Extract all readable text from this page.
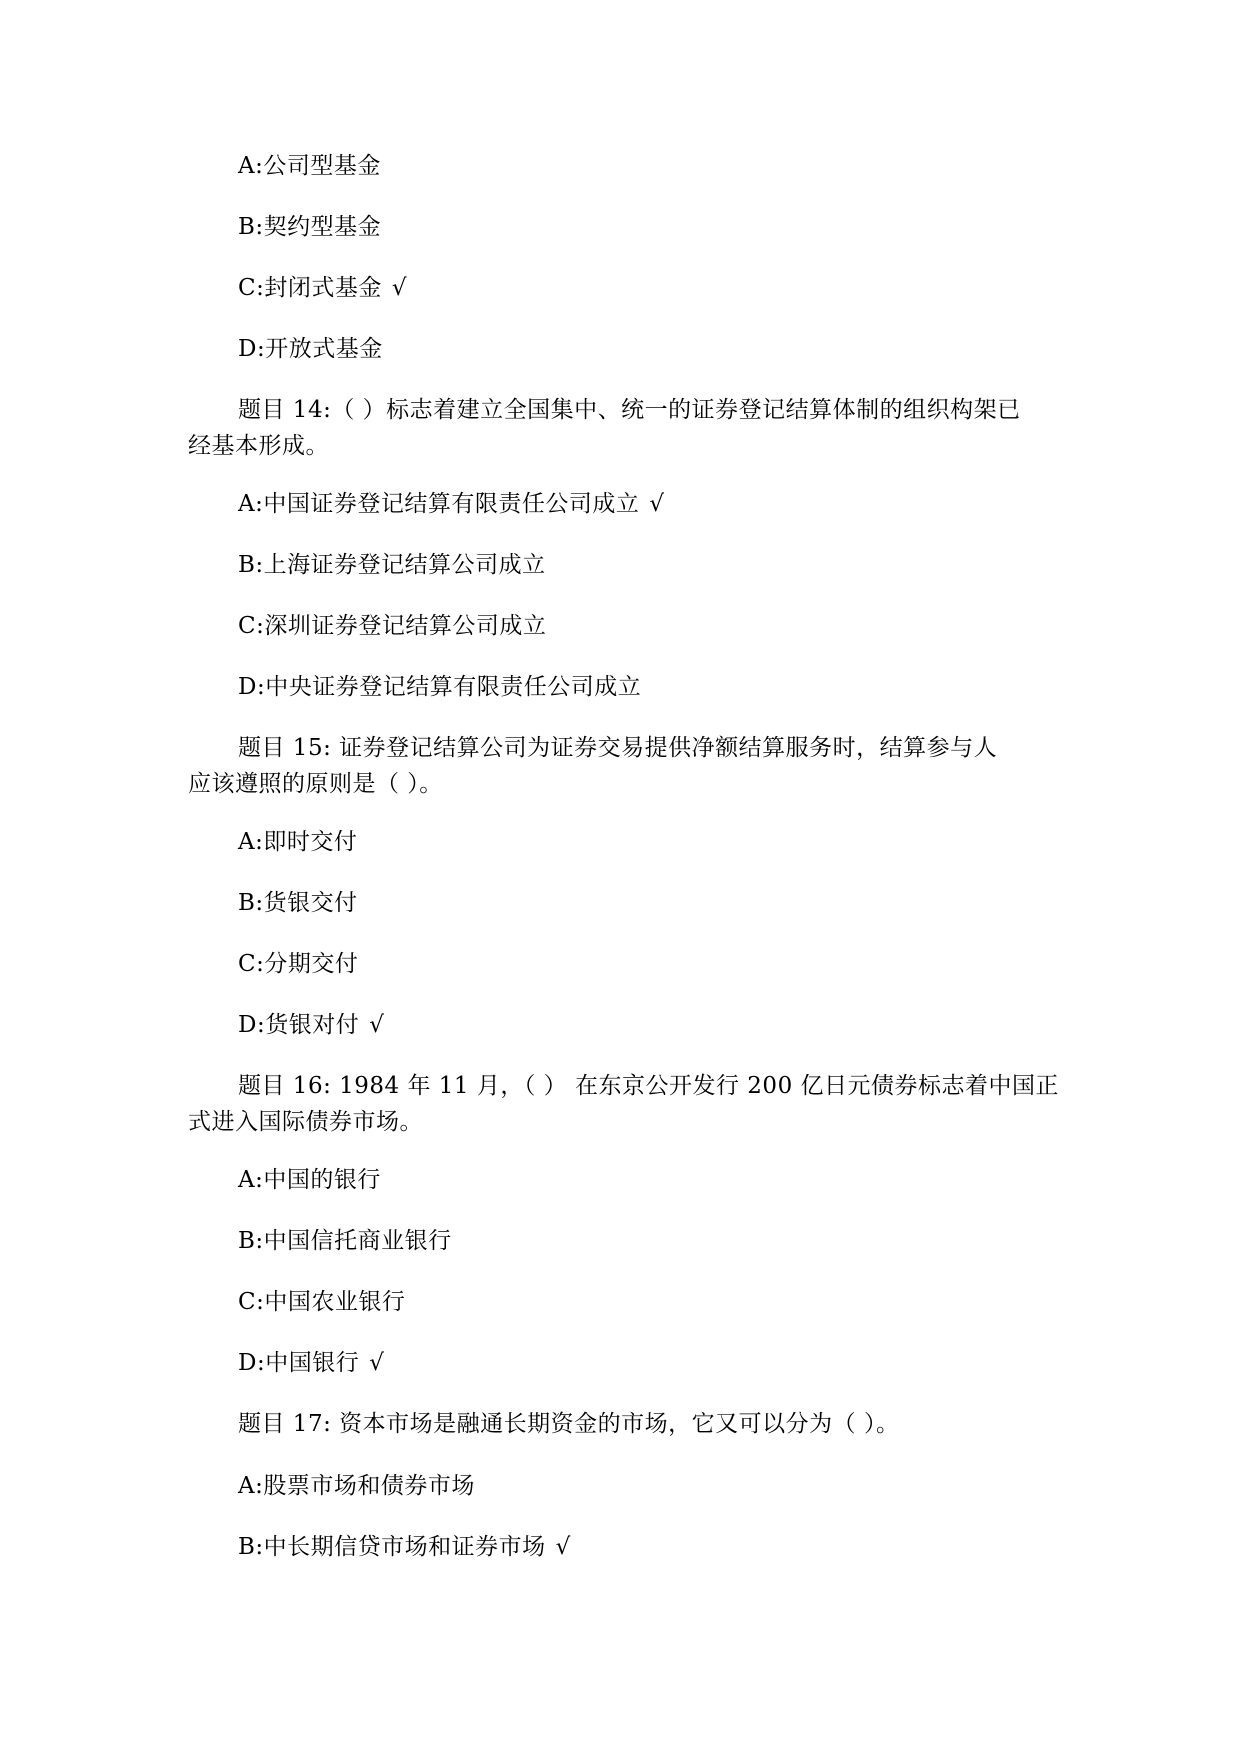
A:公司型基金
B:契约型基金
C:封闭式基金 √
D:开放式基金
题目 14:（ ）标志着建立全国集中、统一的证券登记结算体制的组织构架已
经基本形成。
A:中国证券登记结算有限责任公司成立 √
B:上海证券登记结算公司成立
C:深圳证券登记结算公司成立
D:中央证券登记结算有限责任公司成立
题目 15: 证券登记结算公司为证券交易提供净额结算服务时，结算参与人
应该遵照的原则是（ ）。
A:即时交付
B:货银交付
C:分期交付
D:货银对付 √
题目 16: 1984 年 11 月，（ ） 在东京公开发行 200 亿日元债券标志着中国正
式进入国际债券市场。
A:中国的银行
B:中国信托商业银行
C:中国农业银行
D:中国银行 √
题目 17: 资本市场是融通长期资金的市场，它又可以分为（ ）。
A:股票市场和债券市场
B:中长期信贷市场和证券市场 √
